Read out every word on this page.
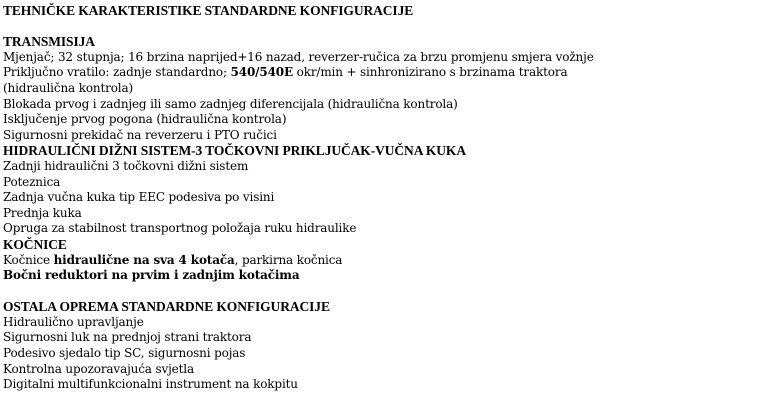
TEHNIČKE KARAKTERISTIKE STANDARDNE KONFIGURACIJE
TRANSMISIJA
Mjenjač; 32 stupnja; 16 brzina naprijed+16 nazad, reverzer-ručica za brzu promjenu smjera vožnje
Priključno vratilo: zadnje standardno; 540/540E okr/min + sinhronizirano s brzinama traktora
(hidraulična kontrola)
Blokada prvog i zadnjeg ili samo zadnjeg diferencijala (hidraulična kontrola)
Isključenje prvog pogona (hidraulična kontrola)
Sigurnosni prekidač na reverzeru i PTO ručici
HIDRAULIČNI DIŽNI SISTEM-3 TOČKOVNI PRIKLJUČAK-VUČNA KUKA
Zadnji hidraulični 3 točkovni dižni sistem
Poteznica
Zadnja vučna kuka tip EEC podesiva po visini
Prednja kuka
Opruga za stabilnost transportnog položaja ruku hidraulike
KOČNICE
Kočnice hidraulične na sva 4 kotača, parkirna kočnica
Bočni reduktori na prvim i zadnjim kotačima
OSTALA OPREMA STANDARDNE KONFIGURACIJE
Hidraulično upravljanje
Sigurnosni luk na prednjoj strani traktora
Podesivo sjedalo tip SC, sigurnosni pojas
Kontrolna upozoravajuća svjetla
Digitalni multifunkcionalni instrument na kokpitu
